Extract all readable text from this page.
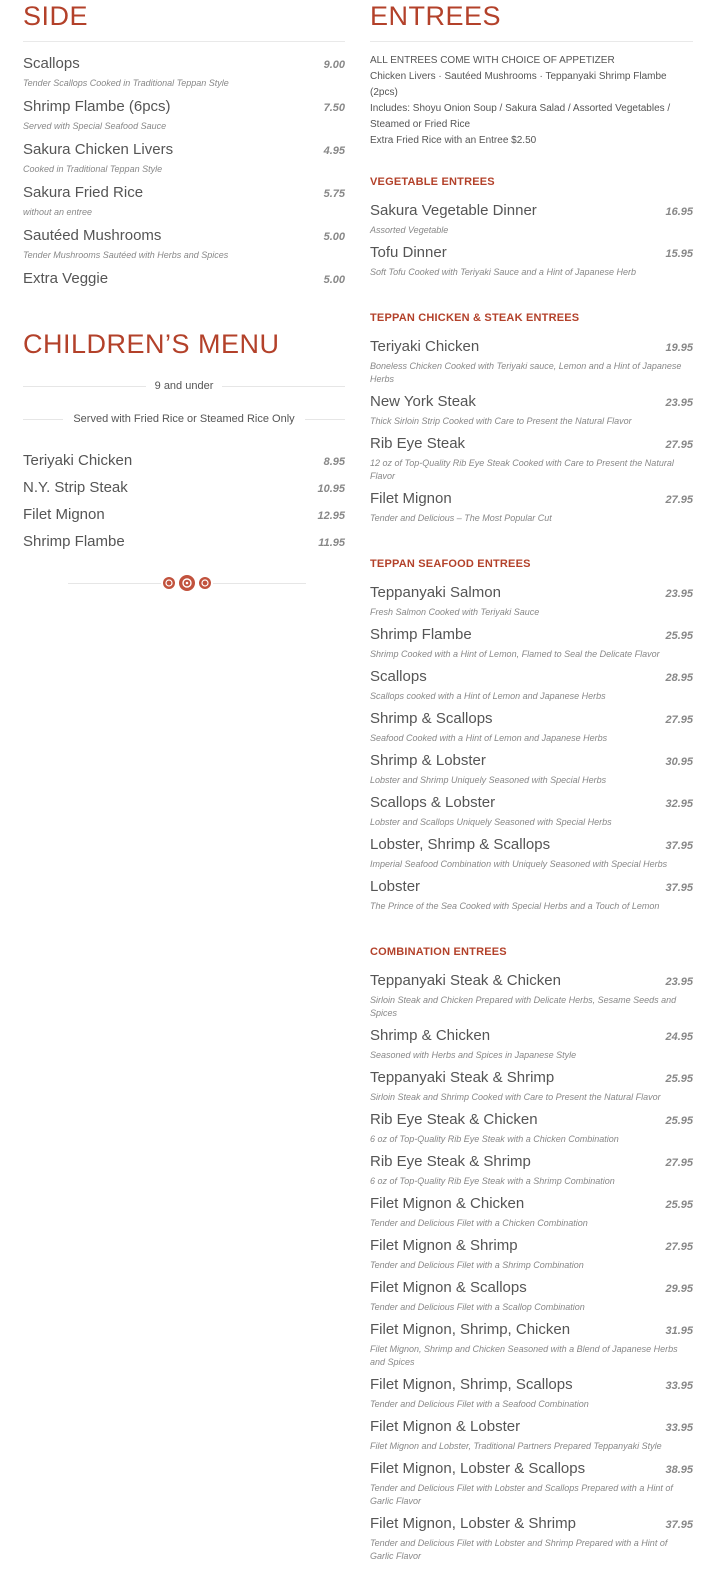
SIDE
Scallops	9.00
Tender Scallops Cooked in Traditional Teppan Style
Shrimp Flambe (6pcs)	7.50
Served with Special Seafood Sauce
Sakura Chicken Livers	4.95
Cooked in Traditional Teppan Style
Sakura Fried Rice	5.75
without an entree
Sautéed Mushrooms	5.00
Tender Mushrooms Sautéed with Herbs and Spices
Extra Veggie	5.00
CHILDREN’S MENU
9 and under
Served with Fried Rice or Steamed Rice Only
Teriyaki Chicken	8.95
N.Y. Strip Steak	10.95
Filet Mignon	12.95
Shrimp Flambe	11.95
ENTREES
ALL ENTREES COME WITH CHOICE OF APPETIZER
Chicken Livers · Sautéed Mushrooms · Teppanyaki Shrimp Flambe (2pcs)
Includes: Shoyu Onion Soup / Sakura Salad / Assorted Vegetables / Steamed or Fried Rice
Extra Fried Rice with an Entree $2.50
VEGETABLE ENTREES
Sakura Vegetable Dinner	16.95
Assorted Vegetable
Tofu Dinner	15.95
Soft Tofu Cooked with Teriyaki Sauce and a Hint of Japanese Herb
TEPPAN CHICKEN & STEAK ENTREES
Teriyaki Chicken	19.95
Boneless Chicken Cooked with Teriyaki sauce, Lemon and a Hint of Japanese Herbs
New York Steak	23.95
Thick Sirloin Strip Cooked with Care to Present the Natural Flavor
Rib Eye Steak	27.95
12 oz of Top-Quality Rib Eye Steak Cooked with Care to Present the Natural Flavor
Filet Mignon	27.95
Tender and Delicious – The Most Popular Cut
TEPPAN SEAFOOD ENTREES
Teppanyaki Salmon	23.95
Fresh Salmon Cooked with Teriyaki Sauce
Shrimp Flambe	25.95
Shrimp Cooked with a Hint of Lemon, Flamed to Seal the Delicate Flavor
Scallops	28.95
Scallops cooked with a Hint of Lemon and Japanese Herbs
Shrimp & Scallops	27.95
Seafood Cooked with a Hint of Lemon and Japanese Herbs
Shrimp & Lobster	30.95
Lobster and Shrimp Uniquely Seasoned with Special Herbs
Scallops & Lobster	32.95
Lobster and Scallops Uniquely Seasoned with Special Herbs
Lobster, Shrimp & Scallops	37.95
Imperial Seafood Combination with Uniquely Seasoned with Special Herbs
Lobster	37.95
The Prince of the Sea Cooked with Special Herbs and a Touch of Lemon
COMBINATION ENTREES
Teppanyaki Steak & Chicken	23.95
Sirloin Steak and Chicken Prepared with Delicate Herbs, Sesame Seeds and Spices
Shrimp & Chicken	24.95
Seasoned with Herbs and Spices in Japanese Style
Teppanyaki Steak & Shrimp	25.95
Sirloin Steak and Shrimp Cooked with Care to Present the Natural Flavor
Rib Eye Steak & Chicken	25.95
6 oz of Top-Quality Rib Eye Steak with a Chicken Combination
Rib Eye Steak & Shrimp	27.95
6 oz of Top-Quality Rib Eye Steak with a Shrimp Combination
Filet Mignon & Chicken	25.95
Tender and Delicious Filet with a Chicken Combination
Filet Mignon & Shrimp	27.95
Tender and Delicious Filet with a Shrimp Combination
Filet Mignon & Scallops	29.95
Tender and Delicious Filet with a Scallop Combination
Filet Mignon, Shrimp, Chicken	31.95
Filet Mignon, Shrimp and Chicken Seasoned with a Blend of Japanese Herbs and Spices
Filet Mignon, Shrimp, Scallops	33.95
Tender and Delicious Filet with a Seafood Combination
Filet Mignon & Lobster	33.95
Filet Mignon and Lobster, Traditional Partners Prepared Teppanyaki Style
Filet Mignon, Lobster & Scallops	38.95
Tender and Delicious Filet with Lobster and Scallops Prepared with a Hint of Garlic Flavor
Filet Mignon, Lobster & Shrimp	37.95
Tender and Delicious Filet with Lobster and Shrimp Prepared with a Hint of Garlic Flavor
